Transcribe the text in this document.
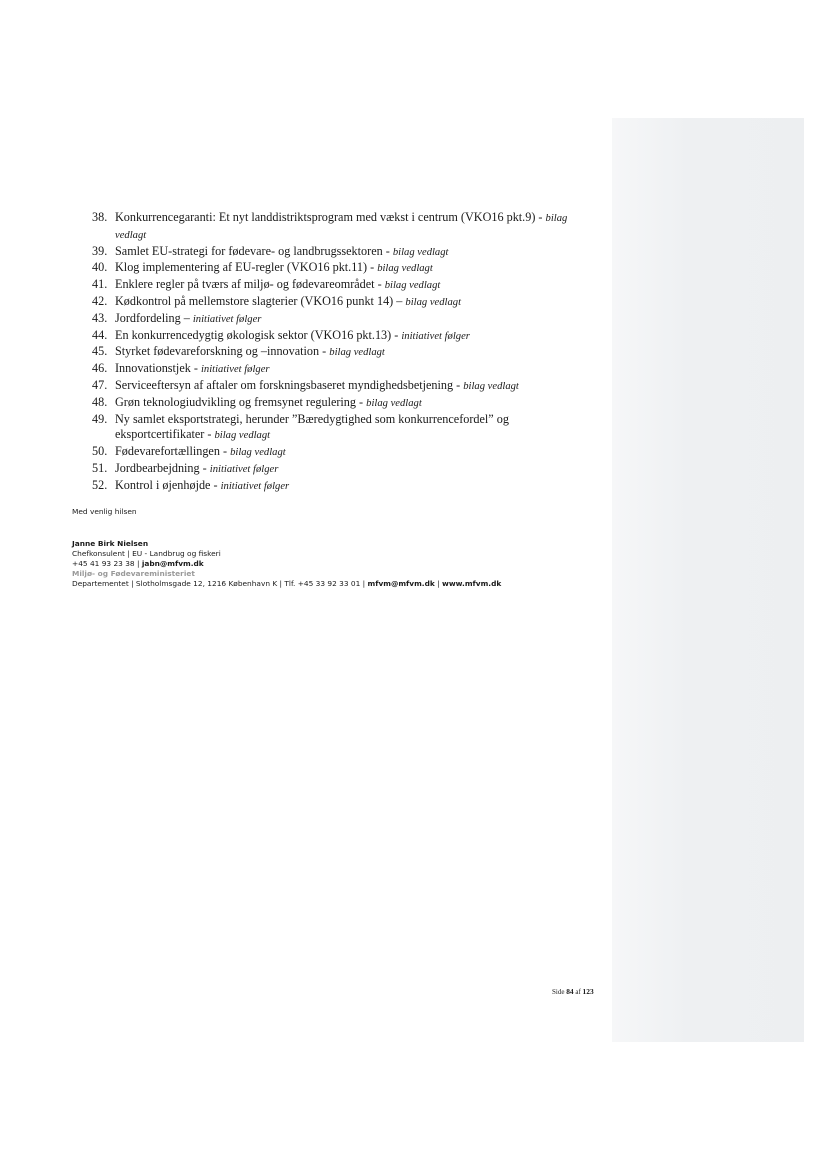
38. Konkurrencegaranti: Et nyt landdistriktsprogram med vækst i centrum (VKO16 pkt.9) - bilag vedlagt
39. Samlet EU-strategi for fødevare- og landbrugssektoren - bilag vedlagt
40. Klog implementering af EU-regler (VKO16 pkt.11) - bilag vedlagt
41. Enklere regler på tværs af miljø- og fødevareområdet - bilag vedlagt
42. Kødkontrol på mellemstore slagterier (VKO16 punkt 14) – bilag vedlagt
43. Jordfordeling – initiativet følger
44. En konkurrencedygtig økologisk sektor (VKO16 pkt.13) - initiativet følger
45. Styrket fødevareforskning og –innovation - bilag vedlagt
46. Innovationstjek - initiativet følger
47. Serviceeftersyn af aftaler om forskningsbaseret myndighedsbetjening - bilag vedlagt
48. Grøn teknologiudvikling og fremsynet regulering - bilag vedlagt
49. Ny samlet eksportstrategi, herunder ”Bæredygtighed som konkurrencefordel” og eksportcertifikater - bilag vedlagt
50. Fødevarefortællingen - bilag vedlagt
51. Jordbearbejdning - initiativet følger
52. Kontrol i øjenhøjde - initiativet følger
Med venlig hilsen
Janne Birk Nielsen
Chefkonsulent | EU - Landbrug og fiskeri
+45 41 93 23 38 | jabn@mfvm.dk
Miljø- og Fødevareministeriet
Departementet | Slotholmsgade 12, 1216 København K | Tlf. +45 33 92 33 01 | mfvm@mfvm.dk | www.mfvm.dk
Side 84 af 123
